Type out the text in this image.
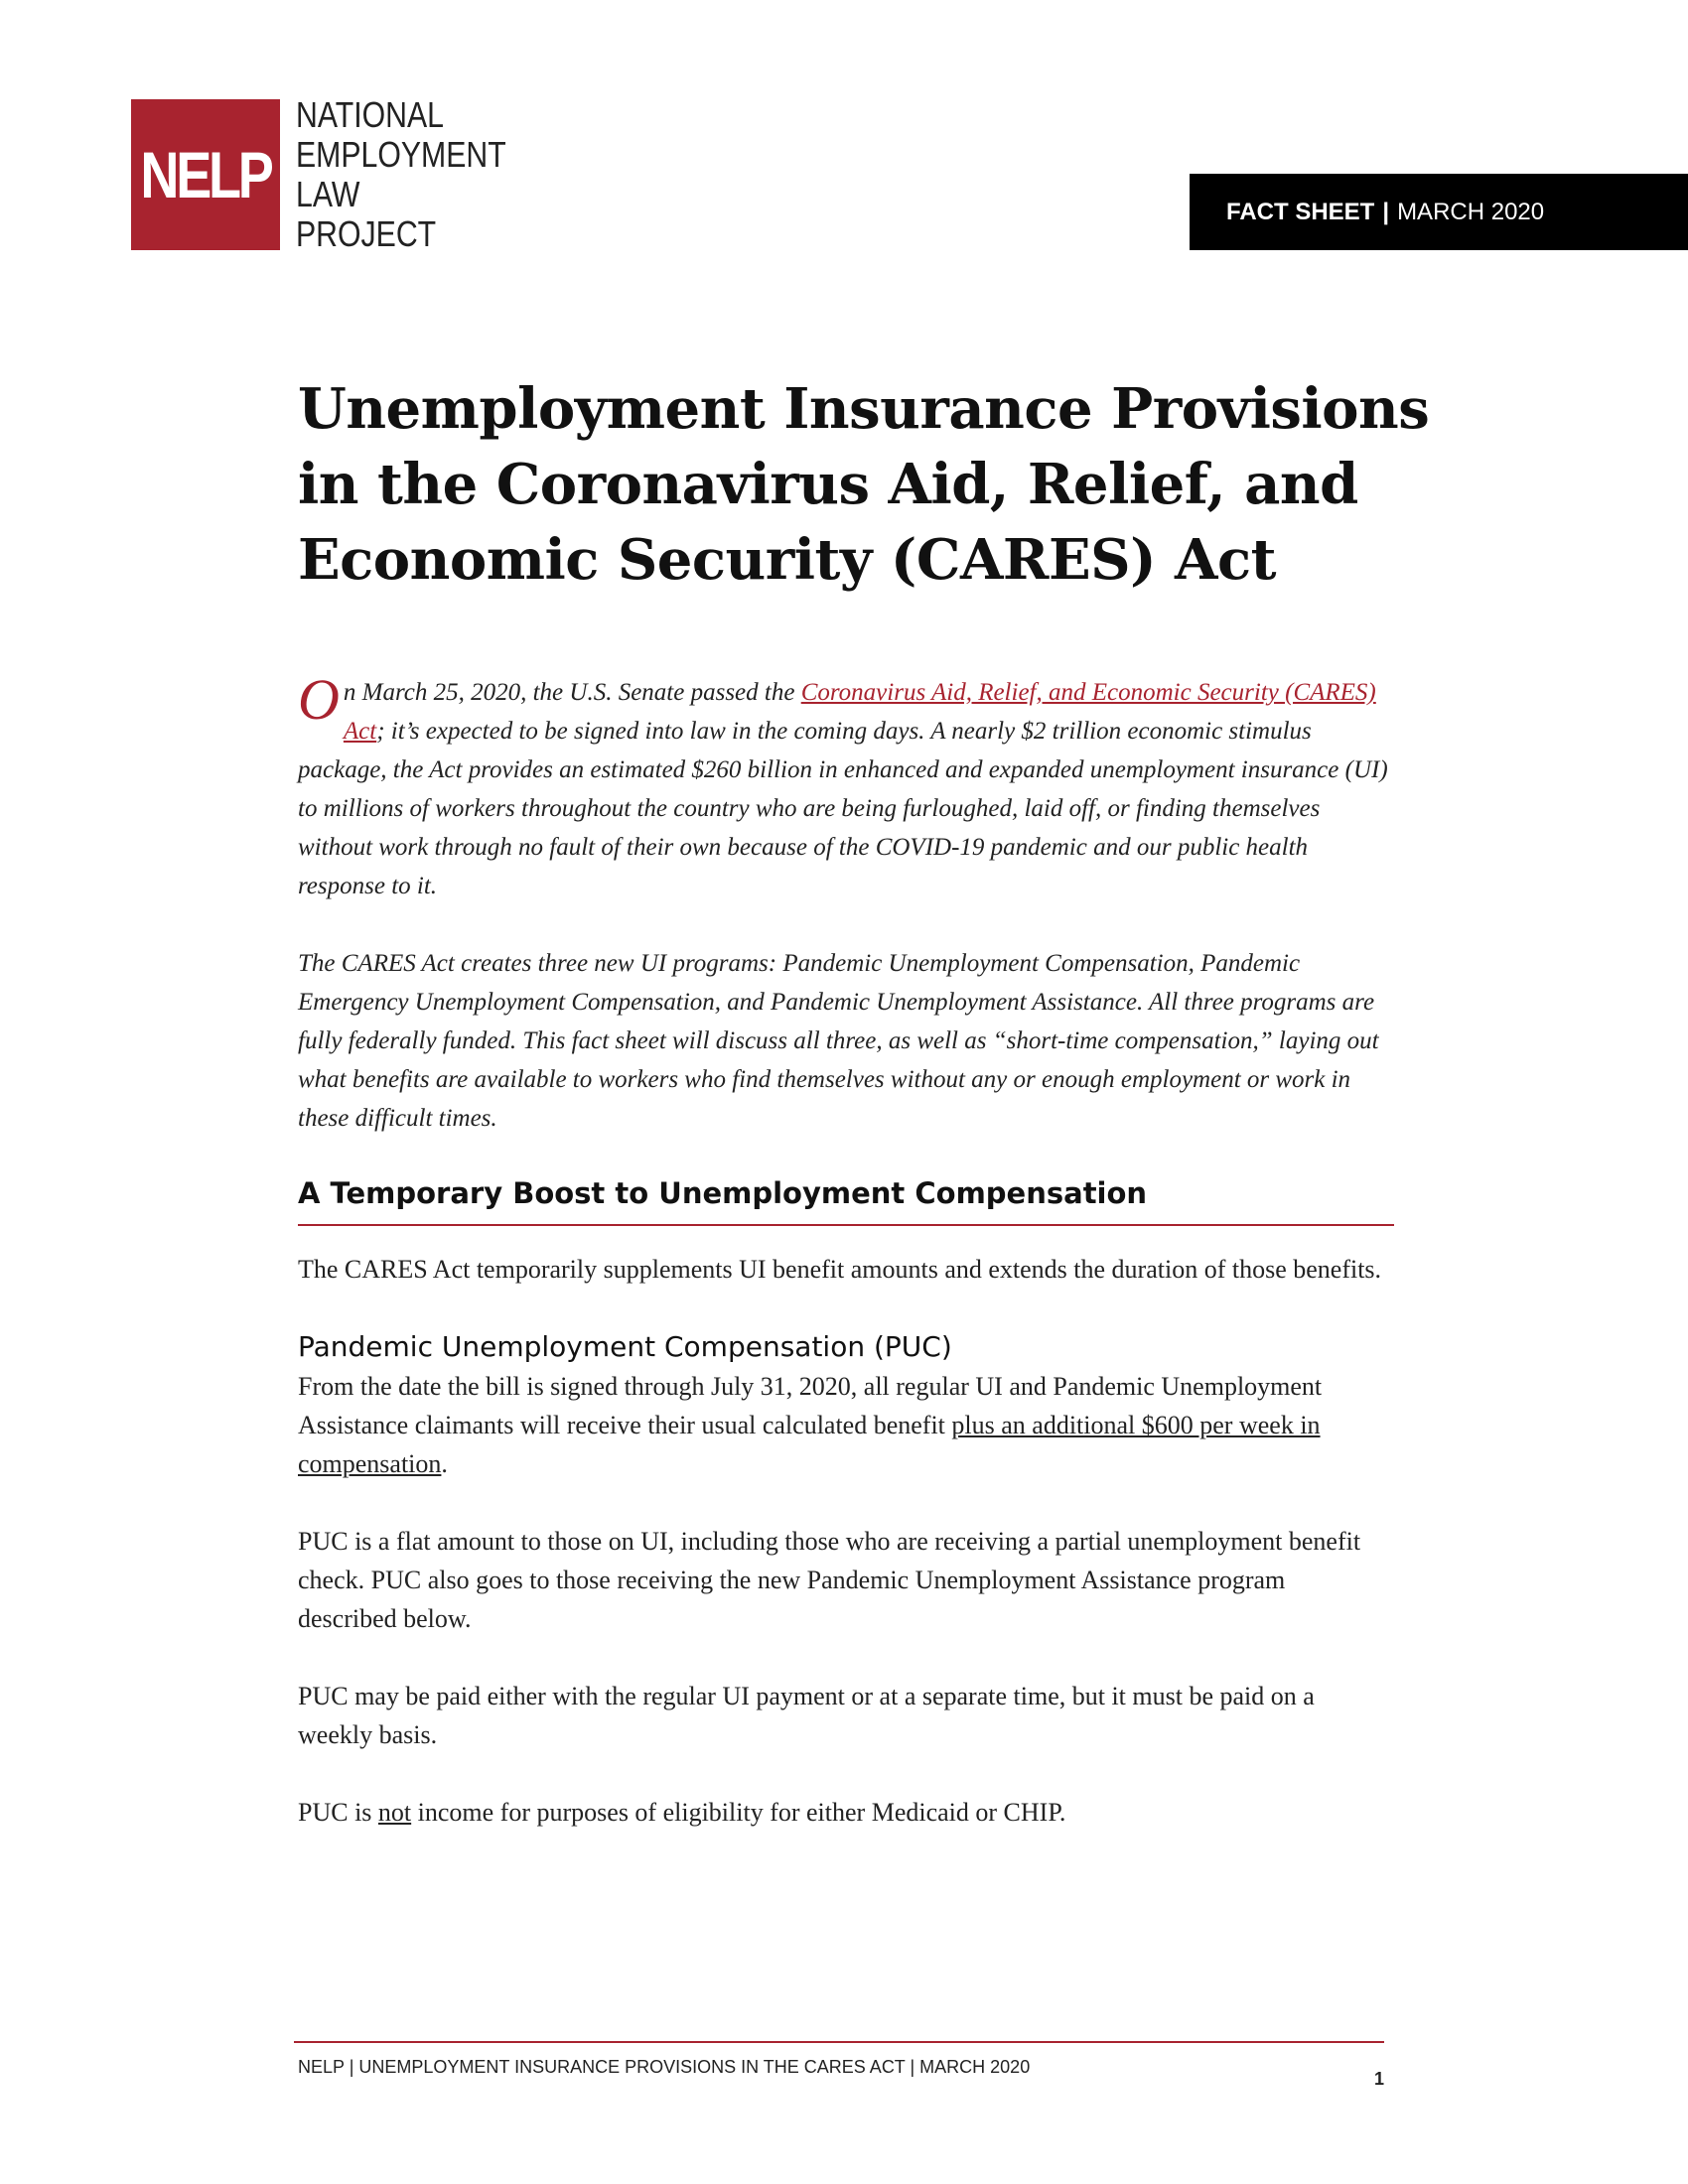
NELP
NATIONAL
EMPLOYMENT
LAW
PROJECT
FACT SHEET | MARCH 2020
Unemployment Insurance Provisions in the Coronavirus Aid, Relief, and Economic Security (CARES) Act

On March 25, 2020, the U.S. Senate passed the Coronavirus Aid, Relief, and Economic Security (CARES) Act; it’s expected to be signed into law in the coming days. A nearly $2 trillion economic stimulus package, the Act provides an estimated $260 billion in enhanced and expanded unemployment insurance (UI) to millions of workers throughout the country who are being furloughed, laid off, or finding themselves without work through no fault of their own because of the COVID-19 pandemic and our public health response to it.

The CARES Act creates three new UI programs: Pandemic Unemployment Compensation, Pandemic Emergency Unemployment Compensation, and Pandemic Unemployment Assistance. All three programs are fully federally funded. This fact sheet will discuss all three, as well as “short-time compensation,” laying out what benefits are available to workers who find themselves without any or enough employment or work in these difficult times.

A Temporary Boost to Unemployment Compensation

The CARES Act temporarily supplements UI benefit amounts and extends the duration of those benefits.

Pandemic Unemployment Compensation (PUC)

From the date the bill is signed through July 31, 2020, all regular UI and Pandemic Unemployment Assistance claimants will receive their usual calculated benefit plus an additional $600 per week in compensation.

PUC is a flat amount to those on UI, including those who are receiving a partial unemployment benefit check. PUC also goes to those receiving the new Pandemic Unemployment Assistance program described below.

PUC may be paid either with the regular UI payment or at a separate time, but it must be paid on a weekly basis.

PUC is not income for purposes of eligibility for either Medicaid or CHIP.

NELP | UNEMPLOYMENT INSURANCE PROVISIONS IN THE CARES ACT | MARCH 2020
1
